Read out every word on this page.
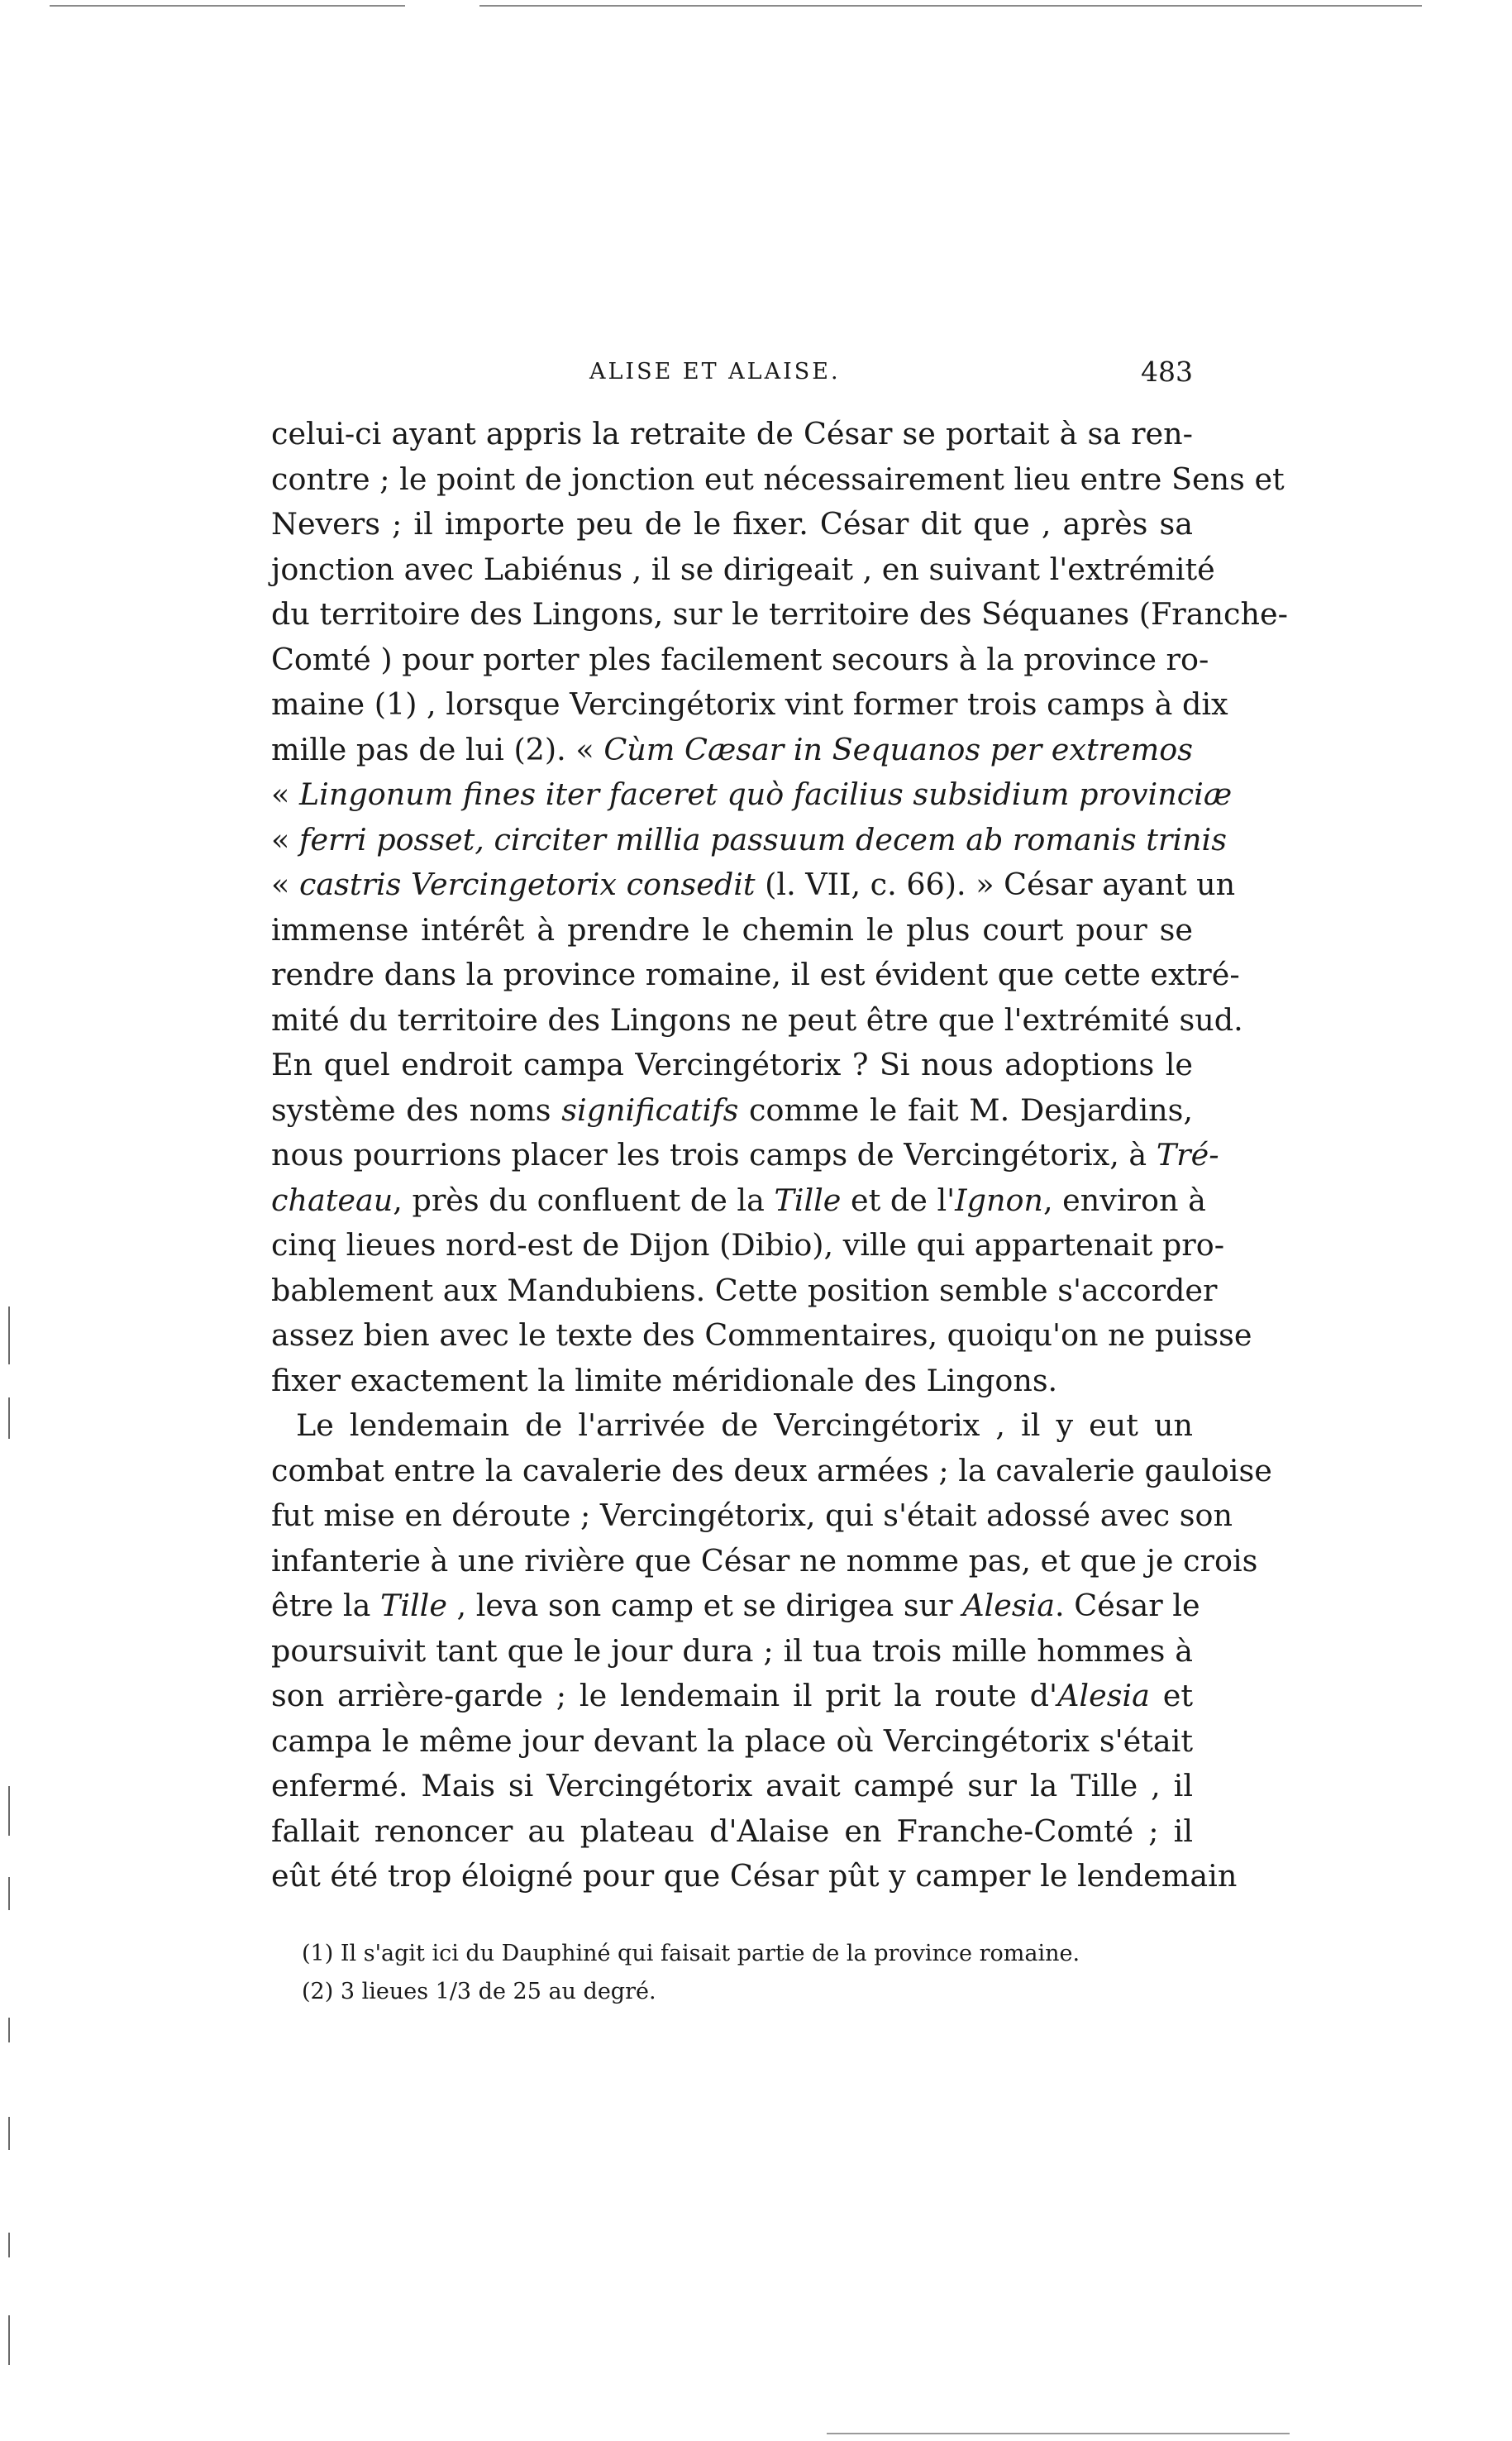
ALISE ET ALAISE.	483
celui-ci ayant appris la retraite de César se portait à sa ren-
contre ; le point de jonction eut nécessairement lieu entre Sens et
Nevers ; il importe peu de le fixer. César dit que , après sa
jonction avec Labiénus , il se dirigeait , en suivant l'extrémité
du territoire des Lingons, sur le territoire des Séquanes (Franche-
Comté ) pour porter ples facilement secours à la province ro-
maine (1) , lorsque Vercingétorix vint former trois camps à dix
mille pas de lui (2). « Cùm Cæsar in Sequanos per extremos
« Lingonum fines iter faceret quò facilius subsidium provinciæ
« ferri posset, circiter millia passuum decem ab romanis trinis
« castris Vercingetorix consedit (l. VII, c. 66). » César ayant un
immense intérêt à prendre le chemin le plus court pour se
rendre dans la province romaine, il est évident que cette extré-
mité du territoire des Lingons ne peut être que l'extrémité sud.
En quel endroit campa Vercingétorix ? Si nous adoptions le
système des noms significatifs comme le fait M. Desjardins,
nous pourrions placer les trois camps de Vercingétorix, à Tré-
chateau, près du confluent de la Tille et de l'Ignon, environ à
cinq lieues nord-est de Dijon (Dibio), ville qui appartenait pro-
bablement aux Mandubiens. Cette position semble s'accorder
assez bien avec le texte des Commentaires, quoiqu'on ne puisse
fixer exactement la limite méridionale des Lingons.
Le lendemain de l'arrivée de Vercingétorix , il y eut un
combat entre la cavalerie des deux armées ; la cavalerie gauloise
fut mise en déroute ; Vercingétorix, qui s'était adossé avec son
infanterie à une rivière que César ne nomme pas, et que je crois
être la Tille , leva son camp et se dirigea sur Alesia. César le
poursuivit tant que le jour dura ; il tua trois mille hommes à
son arrière-garde ; le lendemain il prit la route d'Alesia et
campa le même jour devant la place où Vercingétorix s'était
enfermé. Mais si Vercingétorix avait campé sur la Tille , il
fallait renoncer au plateau d'Alaise en Franche-Comté ; il
eût été trop éloigné pour que César pût y camper le lendemain
(1) Il s'agit ici du Dauphiné qui faisait partie de la province romaine.
(2) 3 lieues 1/3 de 25 au degré.
